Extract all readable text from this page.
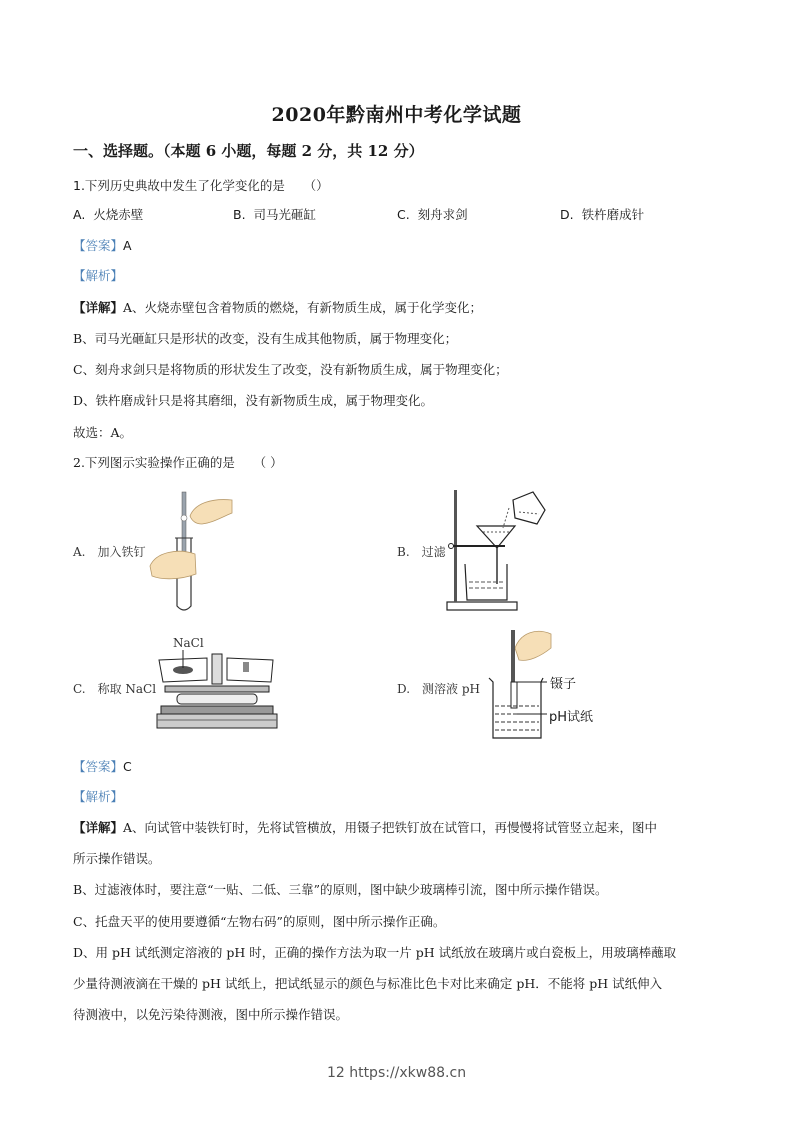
2020年黔南州中考化学试题
一、选择题。（本题 6 小题，每题 2 分，共 12 分）
1.下列历史典故中发生了化学变化的是　　（）
A. 火烧赤壁	B. 司马光砸缸	C. 刻舟求剑	D. 铁杵磨成针
【答案】A
【解析】
【详解】A、火烧赤壁包含着物质的燃烧，有新物质生成，属于化学变化；
B、司马光砸缸只是形状的改变，没有生成其他物质，属于物理变化；
C、刻舟求剑只是将物质的形状发生了改变，没有新物质生成，属于物理变化；
D、铁杵磨成针只是将其磨细，没有新物质生成，属于物理变化。
故选：A。
2.下列图示实验操作正确的是　　（ ）
A.　加入铁钉	B.　过滤
C.　称取 NaCl
NaCl
D.　测溶液 pH	镊子
pH试纸
【答案】C
【解析】
【详解】A、向试管中装铁钉时，先将试管横放，用镊子把铁钉放在试管口，再慢慢将试管竖立起来，图中
所示操作错误。
B、过滤液体时，要注意“一贴、二低、三靠”的原则，图中缺少玻璃棒引流，图中所示操作错误。
C、托盘天平的使用要遵循“左物右码”的原则，图中所示操作正确。
D、用 pH 试纸测定溶液的 pH 时，正确的操作方法为取一片 pH 试纸放在玻璃片或白瓷板上，用玻璃棒蘸取
少量待测液滴在干燥的 pH 试纸上，把试纸显示的颜色与标准比色卡对比来确定 pH．不能将 pH 试纸伸入
待测液中，以免污染待测液，图中所示操作错误。
12 https://xkw88.cn
